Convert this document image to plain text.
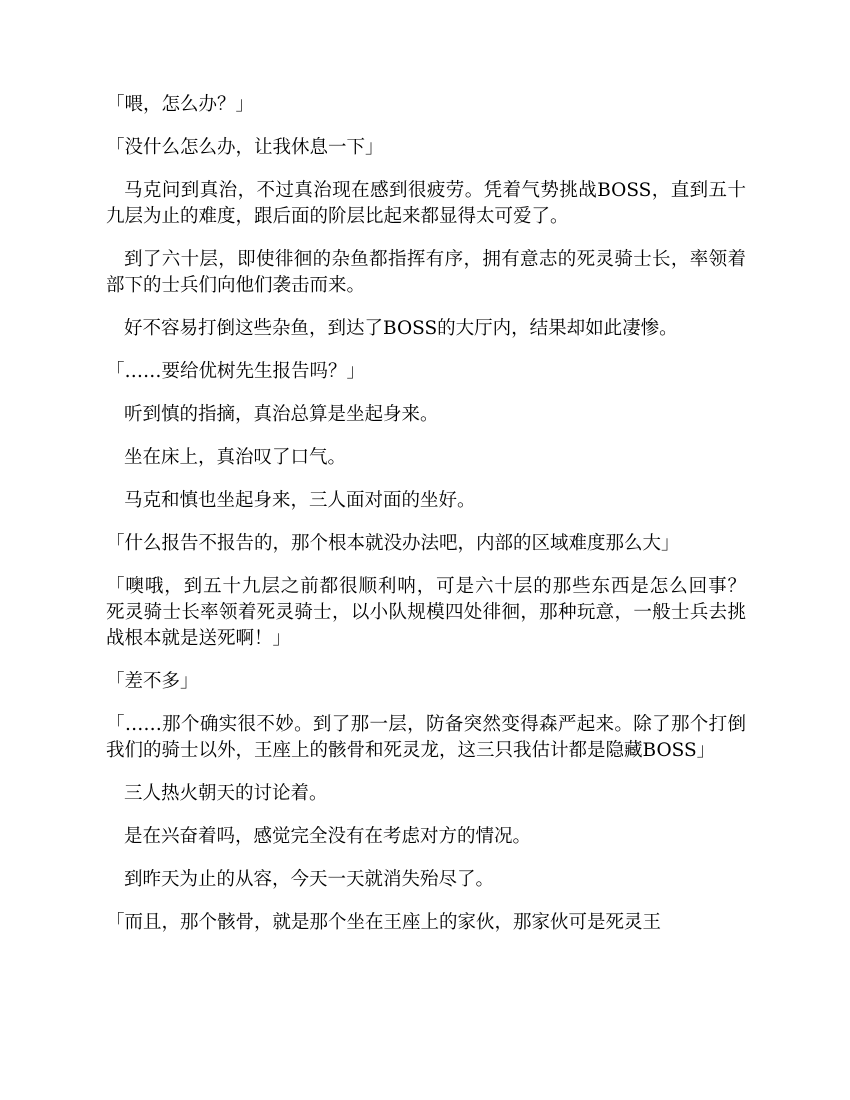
「喂，怎么办？」

「没什么怎么办，让我休息一下」

马克问到真治，不过真治现在感到很疲劳。凭着气势挑战BOSS，直到五十九层为止的难度，跟后面的阶层比起来都显得太可爱了。

到了六十层，即使徘徊的杂鱼都指挥有序，拥有意志的死灵骑士长，率领着部下的士兵们向他们袭击而来。

好不容易打倒这些杂鱼，到达了BOSS的大厅内，结果却如此凄惨。

「……要给优树先生报告吗？」

听到慎的指摘，真治总算是坐起身来。

坐在床上，真治叹了口气。

马克和慎也坐起身来，三人面对面的坐好。

「什么报告不报告的，那个根本就没办法吧，内部的区域难度那么大」

「噢哦，到五十九层之前都很顺利呐，可是六十层的那些东西是怎么回事？　死灵骑士长率领着死灵骑士，以小队规模四处徘徊，那种玩意，一般士兵去挑战根本就是送死啊！」

「差不多」

「……那个确实很不妙。到了那一层，防备突然变得森严起来。除了那个打倒我们的骑士以外，王座上的骸骨和死灵龙，这三只我估计都是隐藏BOSS」

三人热火朝天的讨论着。

是在兴奋着吗，感觉完全没有在考虑对方的情况。

到昨天为止的从容，今天一天就消失殆尽了。

「而且，那个骸骨，就是那个坐在王座上的家伙，那家伙可是死灵王
